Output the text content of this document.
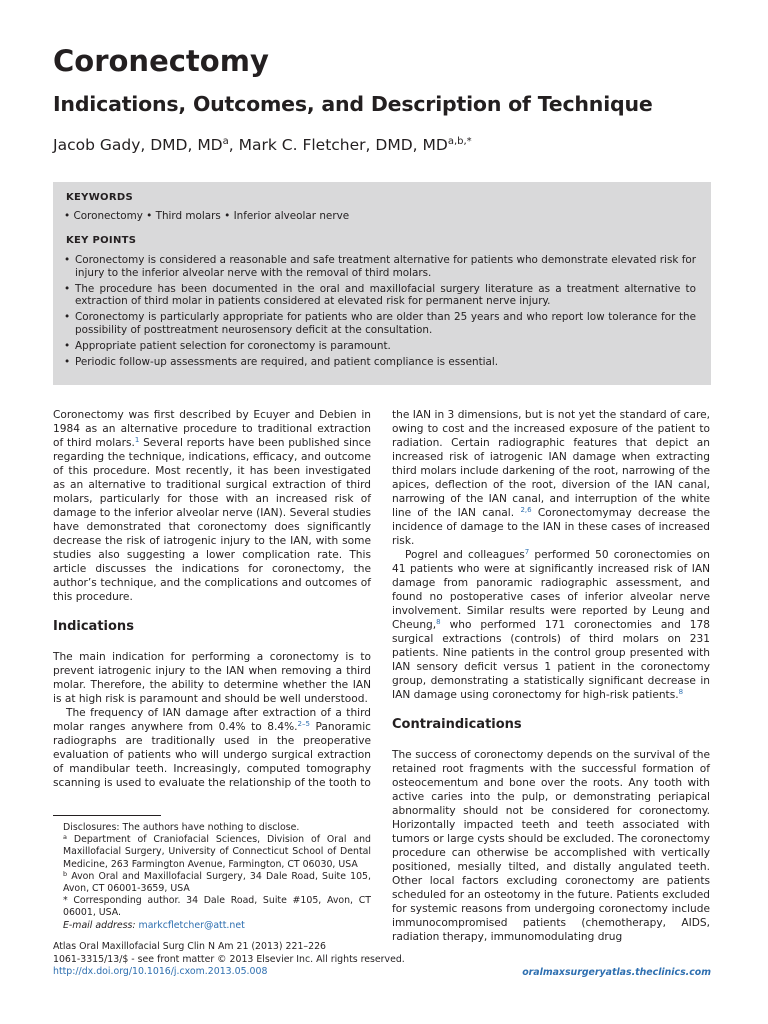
Coronectomy
Indications, Outcomes, and Description of Technique

Jacob Gady, DMD, $MD^a$, Mark C. Fletcher, DMD, $MD^{a,b,*}$

KEYWORDS

• Coronectomy • Third molars • Inferior alveolar nerve

KEY POINTS

• Coronectomy is considered a reasonable and safe treatment alternative for patients who demonstrate elevated risk for injury to the inferior alveolar nerve with the removal of third molars.
• The procedure has been documented in the oral and maxillofacial surgery literature as a treatment alternative to extraction of third molar in patients considered at elevated risk for permanent nerve injury.
• Coronectomy is particularly appropriate for patients who are older than 25 years and who report low tolerance for the possibility of posttreatment neurosensory deficit at the consultation.
• Appropriate patient selection for coronectomy is paramount.
• Periodic follow-up assessments are required, and patient compliance is essential.

Coronectomy was first described by Ecuyer and Debien in 1984 as an alternative procedure to traditional extraction of third molars.$^1$ Several reports have been published since regarding the technique, indications, efficacy, and outcome of this procedure. Most recently, it has been investigated as an alternative to traditional surgical extraction of third molars, particularly for those with an increased risk of damage to the inferior alveolar nerve (IAN). Several studies have demonstrated that coronectomy does significantly decrease the risk of iatrogenic injury to the IAN, with some studies also suggesting a lower complication rate. This article discusses the indications for coronectomy, the author’s technique, and the complications and outcomes of this procedure.

Indications

The main indication for performing a coronectomy is to prevent iatrogenic injury to the IAN when removing a third molar. Therefore, the ability to determine whether the IAN is at high risk is paramount and should be well understood.

The frequency of IAN damage after extraction of a third molar ranges anywhere from 0.4% to 8.4%.$^{2-5}$ Panoramic radiographs are traditionally used in the preoperative evaluation of patients who will undergo surgical extraction of mandibular teeth. Increasingly, computed tomography scanning is used to evaluate the relationship of the tooth to

the IAN in 3 dimensions, but is not yet the standard of care, owing to cost and the increased exposure of the patient to radiation. Certain radiographic features that depict an increased risk of iatrogenic IAN damage when extracting third molars include darkening of the root, narrowing of the apices, deflection of the root, diversion of the IAN canal, narrowing of the IAN canal, and interruption of the white line of the IAN canal. $^{2,6}$ Coronectomymay decrease the incidence of damage to the IAN in these cases of increased risk.

Pogrel and colleagues$^7$ performed 50 coronectomies on 41 patients who were at significantly increased risk of IAN damage from panoramic radiographic assessment, and found no postoperative cases of inferior alveolar nerve involvement. Similar results were reported by Leung and Cheung,$^8$ who performed 171 coronectomies and 178 surgical extractions (controls) of third molars on 231 patients. Nine patients in the control group presented with IAN sensory deficit versus 1 patient in the coronectomy group, demonstrating a statistically significant decrease in IAN damage using coronectomy for high-risk patients.$^8$

Contraindications

The success of coronectomy depends on the survival of the retained root fragments with the successful formation of osteocementum and bone over the roots. Any tooth with active caries into the pulp, or demonstrating periapical abnormality should not be considered for coronectomy. Horizontally impacted teeth and teeth associated with tumors or large cysts should be excluded. The coronectomy procedure can otherwise be accomplished with vertically positioned, mesially tilted, and distally angulated teeth. Other local factors excluding coronectomy are patients scheduled for an osteotomy in the future. Patients excluded for systemic reasons from undergoing coronectomy include immunocompromised patients (chemotherapy, AIDS, radiation therapy, immunomodulating drug

Disclosures: The authors have nothing to disclose.
$^a$ Department of Craniofacial Sciences, Division of Oral and Maxillofacial Surgery, University of Connecticut School of Dental Medicine, 263 Farmington Avenue, Farmington, CT 06030, USA
$^b$ Avon Oral and Maxillofacial Surgery, 34 Dale Road, Suite 105, Avon, CT 06001-3659, USA
* Corresponding author. 34 Dale Road, Suite #105, Avon, CT 06001, USA.
E-mail address: markcfletcher@att.net

Atlas Oral Maxillofacial Surg Clin N Am 21 (2013) 221–226
1061-3315/13/$ - see front matter © 2013 Elsevier Inc. All rights reserved.
http://dx.doi.org/10.1016/j.cxom.2013.05.008	oralmaxsurgeryatlas.theclinics.com
